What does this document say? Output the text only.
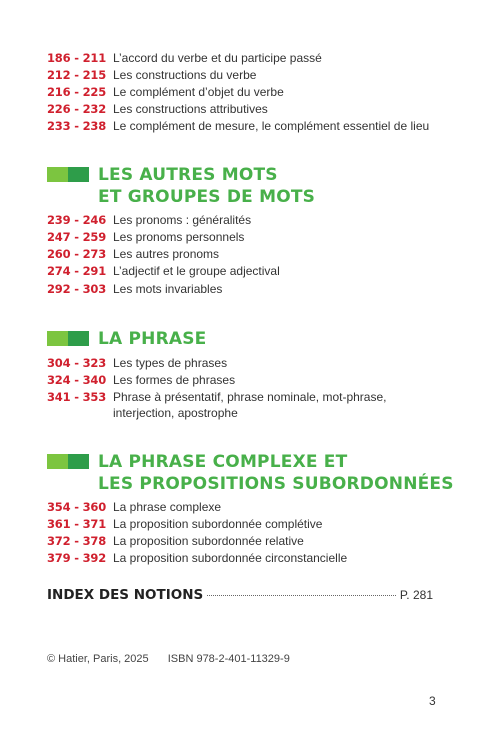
186 - 211 L’accord du verbe et du participe passé
212 - 215 Les constructions du verbe
216 - 225 Le complément d’objet du verbe
226 - 232 Les constructions attributives
233 - 238 Le complément de mesure, le complément essentiel de lieu
LES AUTRES MOTS
ET GROUPES DE MOTS
239 - 246 Les pronoms : généralités
247 - 259 Les pronoms personnels
260 - 273 Les autres pronoms
274 - 291 L’adjectif et le groupe adjectival
292 - 303 Les mots invariables
LA PHRASE
304 - 323 Les types de phrases
324 - 340 Les formes de phrases
341 - 353 Phrase à présentatif, phrase nominale, mot-phrase,
interjection, apostrophe
LA PHRASE COMPLEXE ET
LES PROPOSITIONS SUBORDONNÉES
354 - 360 La phrase complexe
361 - 371 La proposition subordonnée complétive
372 - 378 La proposition subordonnée relative
379 - 392 La proposition subordonnée circonstancielle
INDEX DES NOTIONS	P. 281
© Hatier, Paris, 2025 ISBN 978-2-401-11329-9
3
